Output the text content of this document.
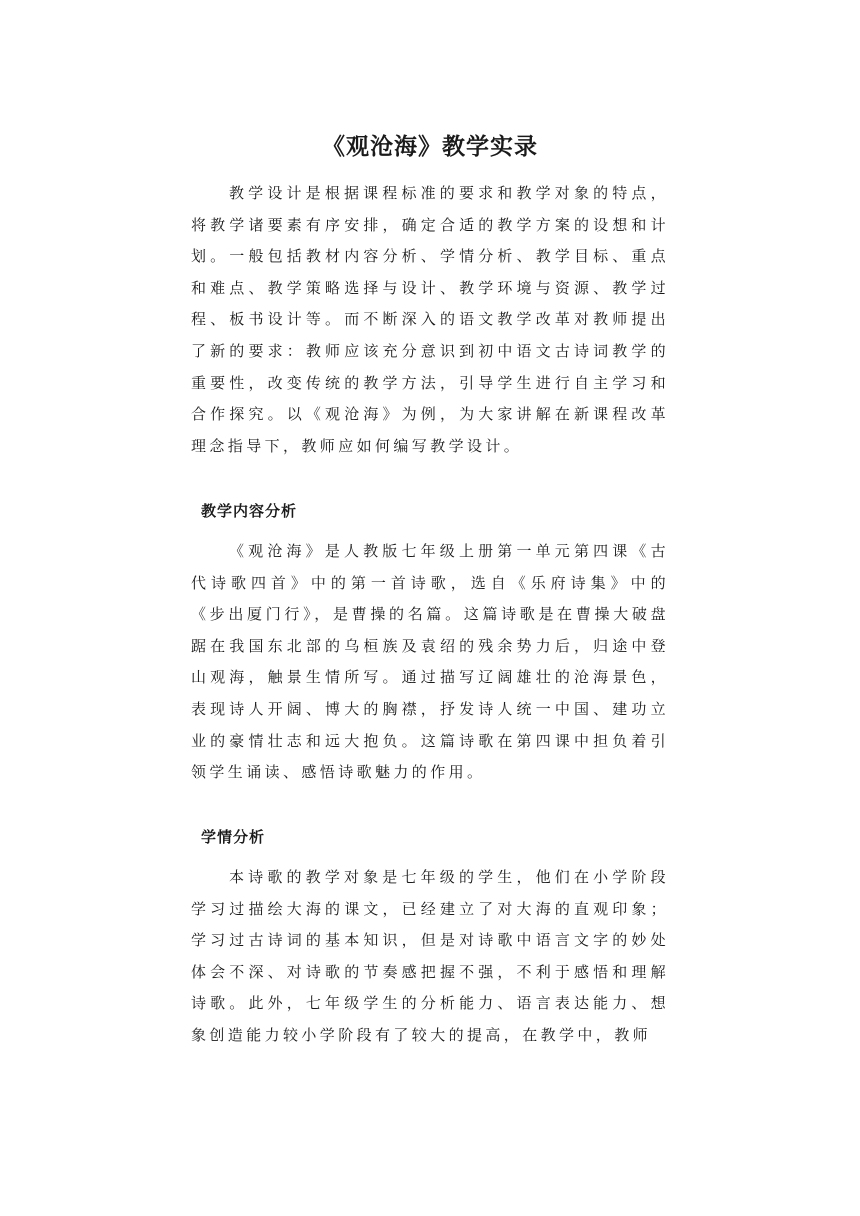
《观沧海》教学实录

教学设计是根据课程标准的要求和教学对象的特点，将教学诸要素有序安排，确定合适的教学方案的设想和计划。一般包括教材内容分析、学情分析、教学目标、重点和难点、教学策略选择与设计、教学环境与资源、教学过程、板书设计等。而不断深入的语文教学改革对教师提出了新的要求：教师应该充分意识到初中语文古诗词教学的重要性，改变传统的教学方法，引导学生进行自主学习和合作探究。以《观沧海》为例，为大家讲解在新课程改革理念指导下，教师应如何编写教学设计。

教学内容分析

《观沧海》是人教版七年级上册第一单元第四课《古代诗歌四首》中的第一首诗歌，选自《乐府诗集》中的《步出厦门行》，是曹操的名篇。这篇诗歌是在曹操大破盘踞在我国东北部的乌桓族及袁绍的残余势力后，归途中登山观海，触景生情所写。通过描写辽阔雄壮的沧海景色，表现诗人开阔、博大的胸襟，抒发诗人统一中国、建功立业的豪情壮志和远大抱负。这篇诗歌在第四课中担负着引领学生诵读、感悟诗歌魅力的作用。

学情分析

本诗歌的教学对象是七年级的学生，他们在小学阶段学习过描绘大海的课文，已经建立了对大海的直观印象；学习过古诗词的基本知识，但是对诗歌中语言文字的妙处体会不深、对诗歌的节奏感把握不强，不利于感悟和理解诗歌。此外，七年级学生的分析能力、语言表达能力、想象创造能力较小学阶段有了较大的提高，在教学中，教师
